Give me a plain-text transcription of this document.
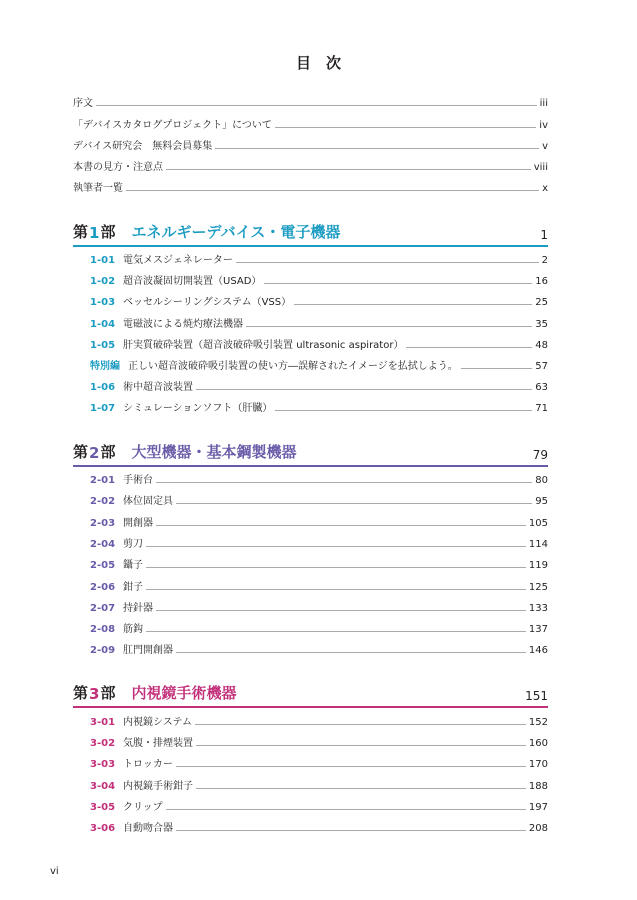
目　次
序文	iii
「デバイスカタログプロジェクト」について	iv
デバイス研究会　無料会員募集	v
本書の見方・注意点	viii
執筆者一覧	x
第 1 部 エネルギーデバイス・電子機器	1
1-01 電気メスジェネレーター	2
1-02 超音波凝固切開装置（USAD）	16
1-03 ベッセルシーリングシステム（VSS）	25
1-04 電磁波による焼灼療法機器	35
1-05 肝実質破砕装置（超音波破砕吸引装置 ultrasonic aspirator）	48
特別編 正しい超音波破砕吸引装置の使い方―誤解されたイメージを払拭しよう。	57
1-06 術中超音波装置	63
1-07 シミュレーションソフト（肝臓）	71
第 2 部 大型機器・基本鋼製機器	79
2-01 手術台	80
2-02 体位固定具	95
2-03 開創器	105
2-04 剪刀	114
2-05 鑷子	119
2-06 鉗子	125
2-07 持針器	133
2-08 筋鈎	137
2-09 肛門開創器	146
第 3 部 内視鏡手術機器	151
3-01 内視鏡システム	152
3-02 気腹・排煙装置	160
3-03 トロッカー	170
3-04 内視鏡手術鉗子	188
3-05 クリップ	197
3-06 自動吻合器	208
vi
